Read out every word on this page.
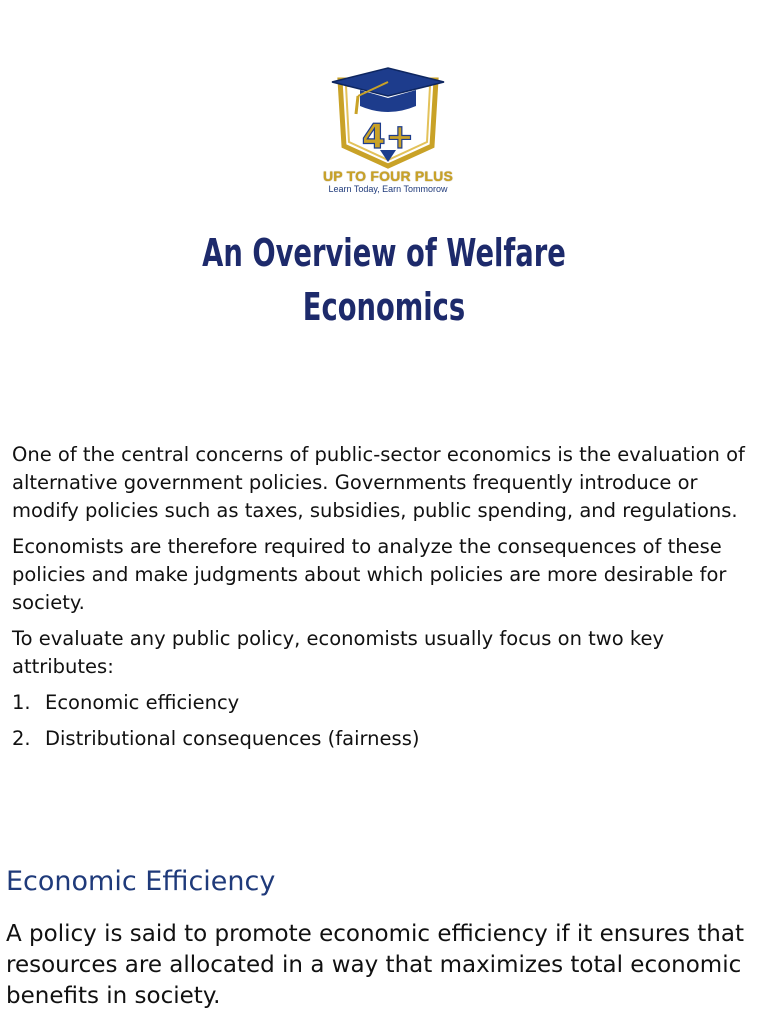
4+
UP TO FOUR PLUS
Learn Today, Earn Tommorow
An Overview of Welfare
Economics

One of the central concerns of public-sector economics is the evaluation of alternative government policies. Governments frequently introduce or modify policies such as taxes, subsidies, public spending, and regulations.

Economists are therefore required to analyze the consequences of these policies and make judgments about which policies are more desirable for society.

To evaluate any public policy, economists usually focus on two key attributes:

1. Economic efficiency
2. Distributional consequences (fairness)
Economic Efficiency
A policy is said to promote economic efficiency if it ensures that resources are allocated in a way that maximizes total economic benefits in society.
